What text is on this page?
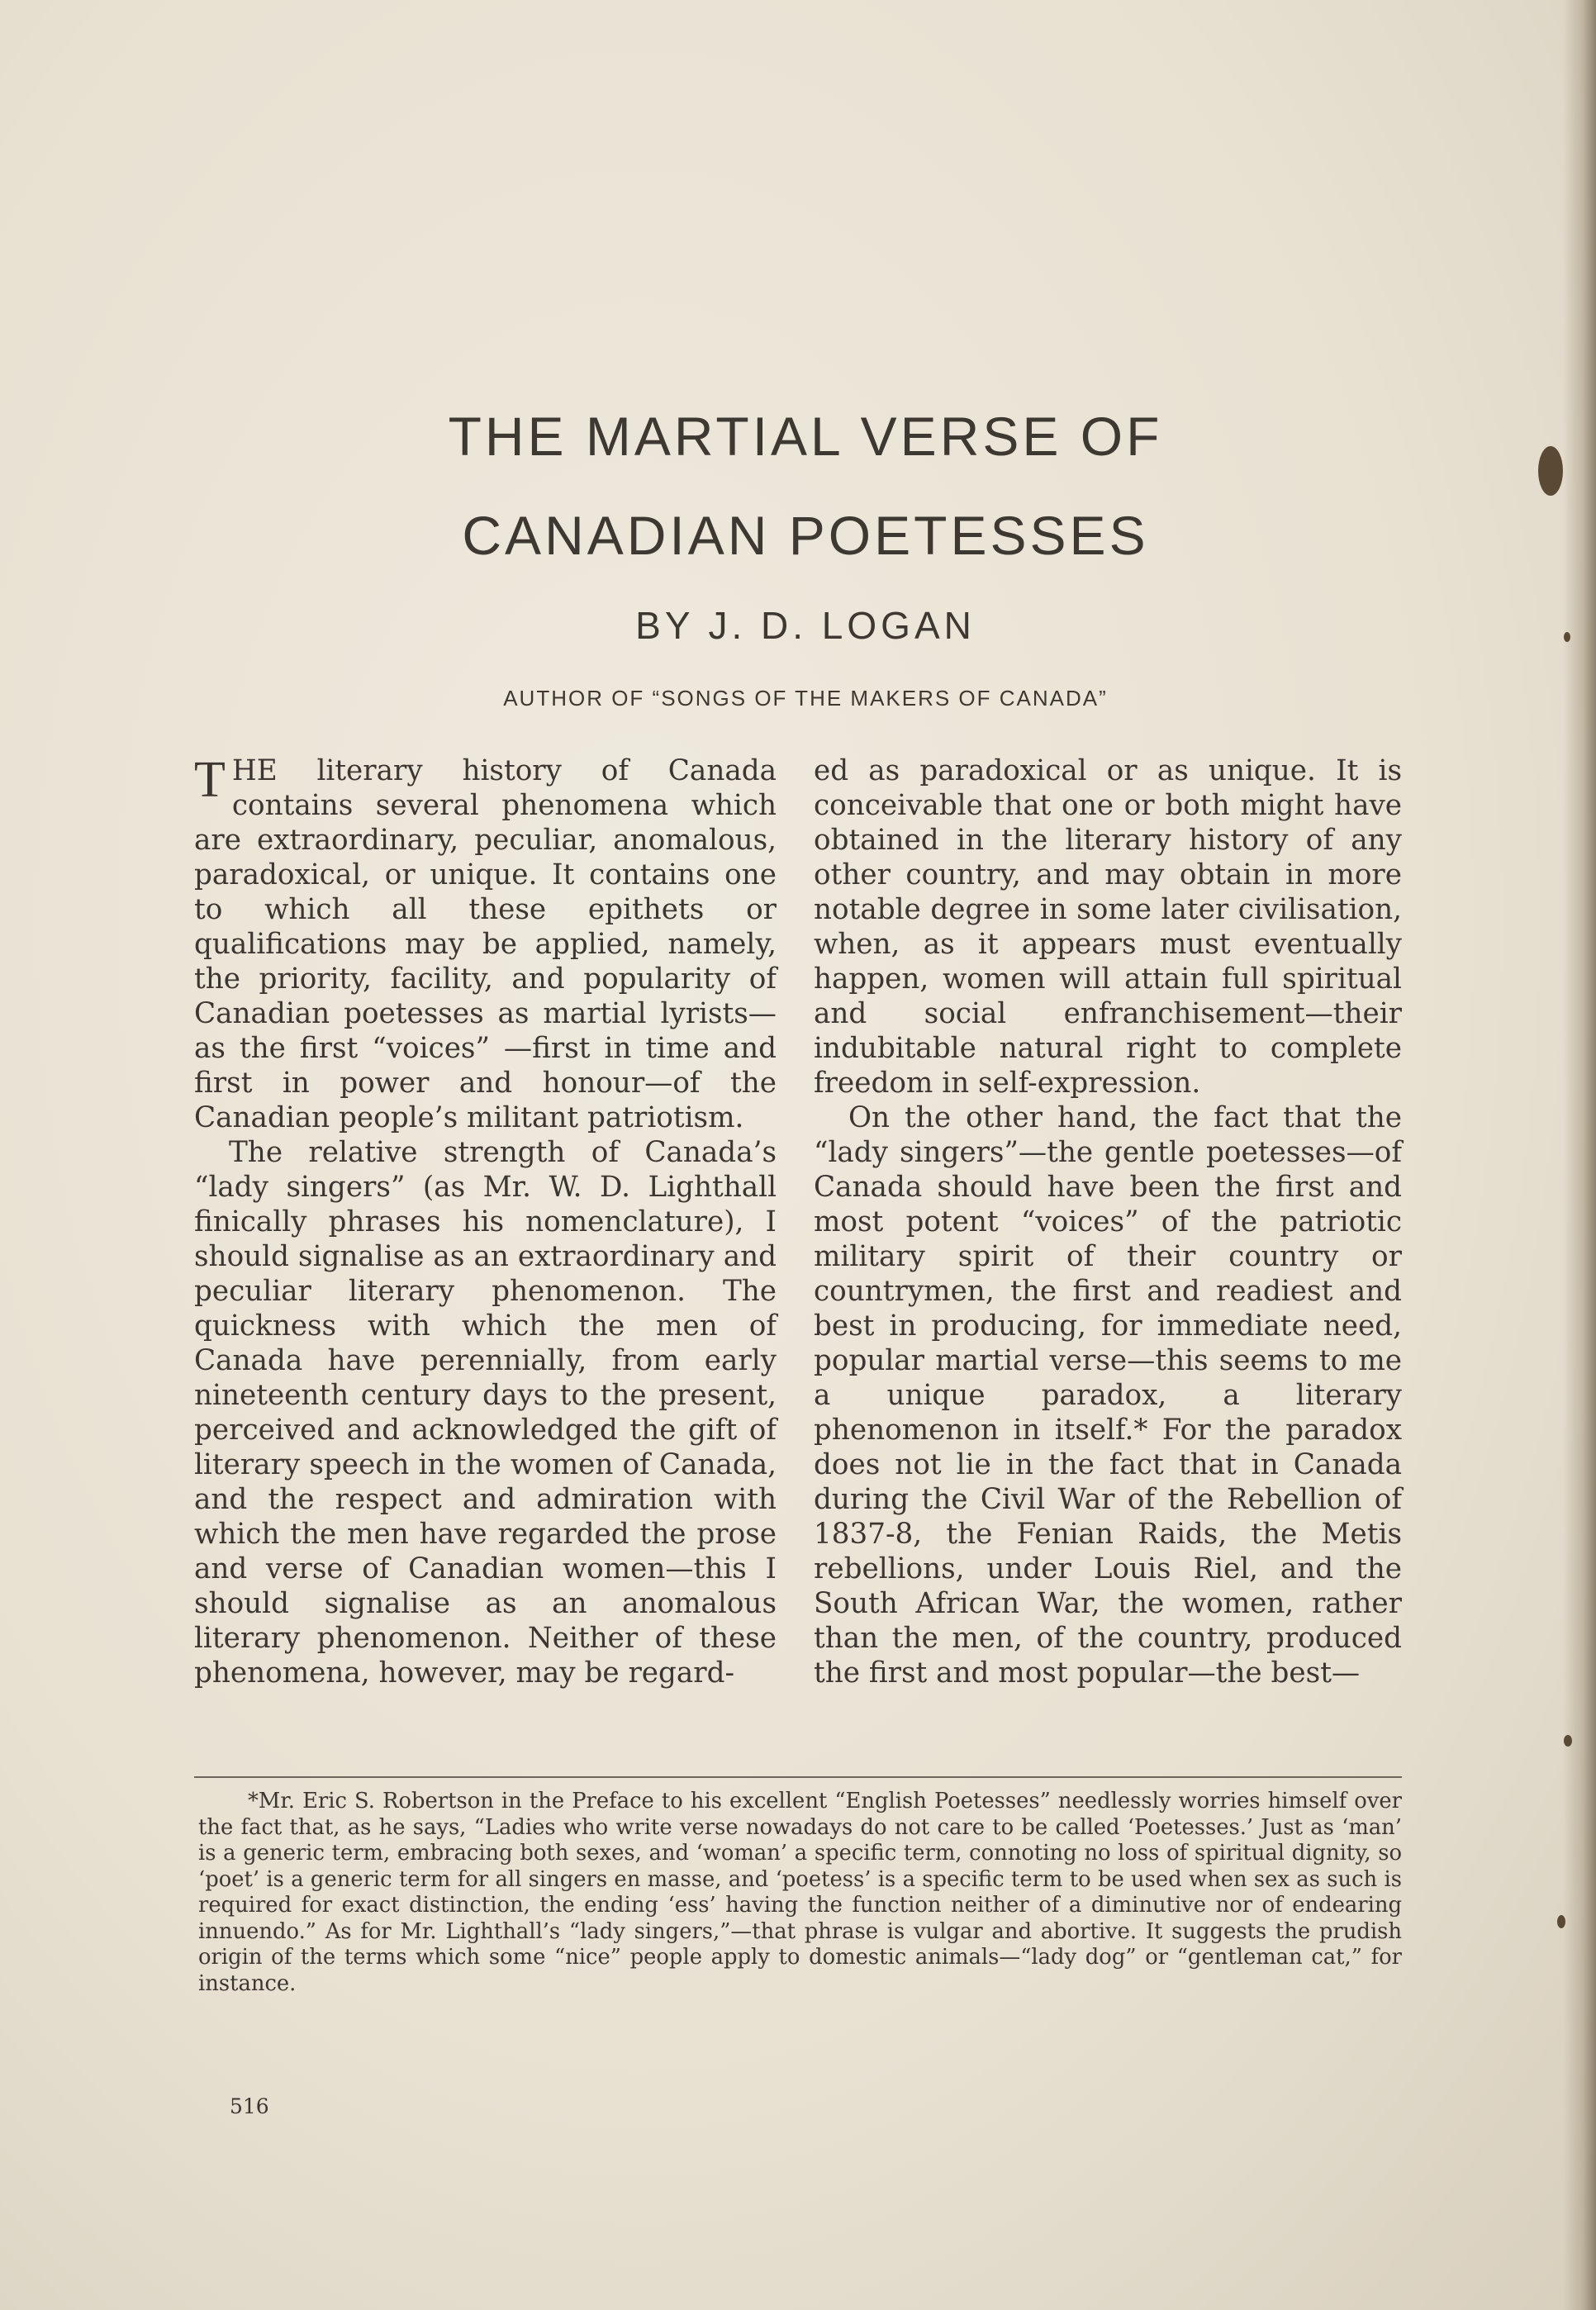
THE MARTIAL VERSE OF
CANADIAN POETESSES
BY J. D. LOGAN
AUTHOR OF “SONGS OF THE MAKERS OF CANADA”

THE literary history of Canada contains several phenomena which are extraordinary, peculiar, anomalous, paradoxical, or unique. It contains one to which all these epithets or qualifications may be applied, namely, the priority, facility, and popularity of Canadian poetesses as martial lyrists—as the first “voices” —first in time and first in power and honour—of the Canadian people’s militant patriotism.

The relative strength of Canada’s “lady singers” (as Mr. W. D. Lighthall finically phrases his nomenclature), I should signalise as an extraordinary and peculiar literary phenomenon. The quickness with which the men of Canada have perennially, from early nineteenth century days to the present, perceived and acknowledged the gift of literary speech in the women of Canada, and the respect and admiration with which the men have regarded the prose and verse of Canadian women—this I should signalise as an anomalous literary phenomenon. Neither of these phenomena, however, may be regard-

ed as paradoxical or as unique. It is conceivable that one or both might have obtained in the literary history of any other country, and may obtain in more notable degree in some later civilisation, when, as it appears must eventually happen, women will attain full spiritual and social enfranchisement—their indubitable natural right to complete freedom in self-expression.

On the other hand, the fact that the “lady singers”—the gentle poetesses—of Canada should have been the first and most potent “voices” of the patriotic military spirit of their country or countrymen, the first and readiest and best in producing, for immediate need, popular martial verse—this seems to me a unique paradox, a literary phenomenon in itself.* For the paradox does not lie in the fact that in Canada during the Civil War of the Rebellion of 1837-8, the Fenian Raids, the Metis rebellions, under Louis Riel, and the South African War, the women, rather than the men, of the country, produced the first and most popular—the best—

*Mr. Eric S. Robertson in the Preface to his excellent “English Poetesses” needlessly worries himself over the fact that, as he says, “Ladies who write verse nowadays do not care to be called ‘Poetesses.’ Just as ‘man’ is a generic term, embracing both sexes, and ‘woman’ a specific term, connoting no loss of spiritual dignity, so ‘poet’ is a generic term for all singers en masse, and ‘poetess’ is a specific term to be used when sex as such is required for exact distinction, the ending ‘ess’ having the function neither of a diminutive nor of endearing innuendo.” As for Mr. Lighthall’s “lady singers,”—that phrase is vulgar and abortive. It suggests the prudish origin of the terms which some “nice” people apply to domestic animals—“lady dog” or “gentleman cat,” for instance.
516
